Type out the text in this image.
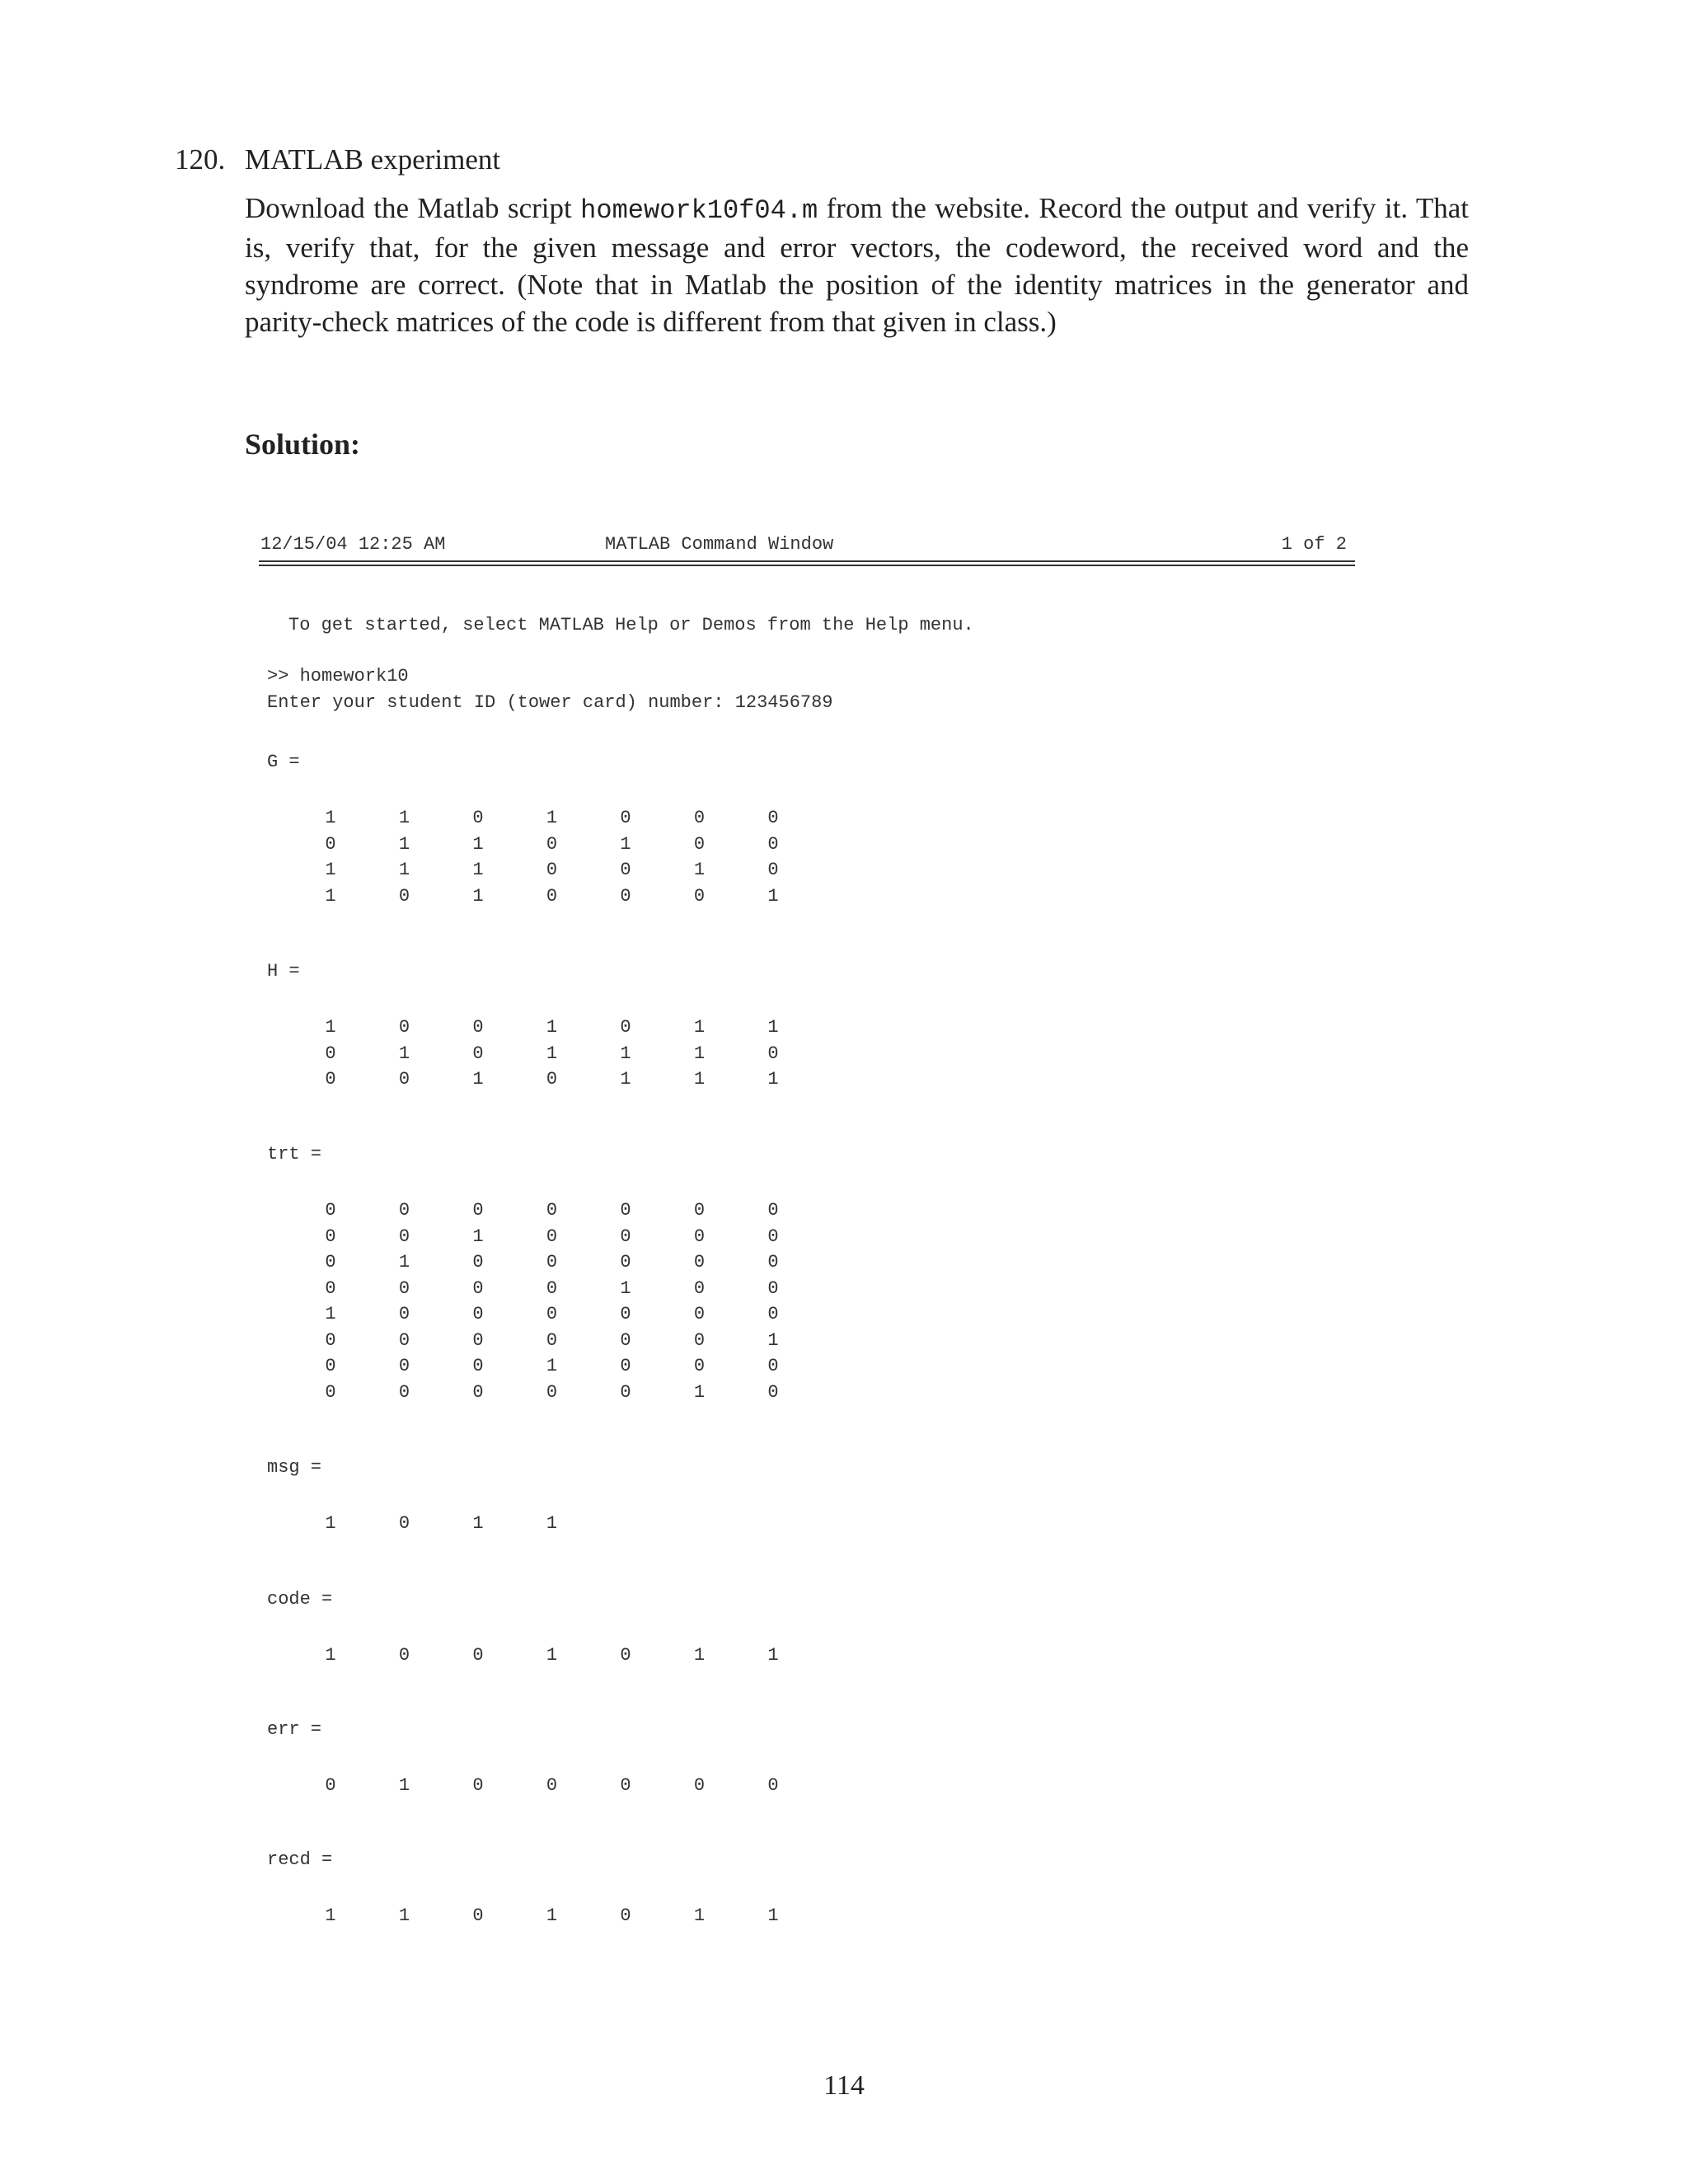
120. MATLAB experiment
Download the Matlab script homework10f04.m from the website. Record the output and verify it. That is, verify that, for the given message and error vectors, the codeword, the received word and the syndrome are correct. (Note that in Matlab the position of the identity matrices in the generator and parity-check matrices of the code is different from that given in class.)
Solution:
12/15/04 12:25 AM	MATLAB Command Window	1 of 2
To get started, select MATLAB Help or Demos from the Help menu.
>> homework10
Enter your student ID (tower card) number: 123456789
G =
1	1	0	1	0	0	0
0	1	1	0	1	0	0
1	1	1	0	0	1	0
1	0	1	0	0	0	1
H =
1	0	0	1	0	1	1
0	1	0	1	1	1	0
0	0	1	0	1	1	1
trt =
0	0	0	0	0	0	0
0	0	1	0	0	0	0
0	1	0	0	0	0	0
0	0	0	0	1	0	0
1	0	0	0	0	0	0
0	0	0	0	0	0	1
0	0	0	1	0	0	0
0	0	0	0	0	1	0
msg =
1	0	1	1
code =
1	0	0	1	0	1	1
err =
0	1	0	0	0	0	0
recd =
1	1	0	1	0	1	1
114
